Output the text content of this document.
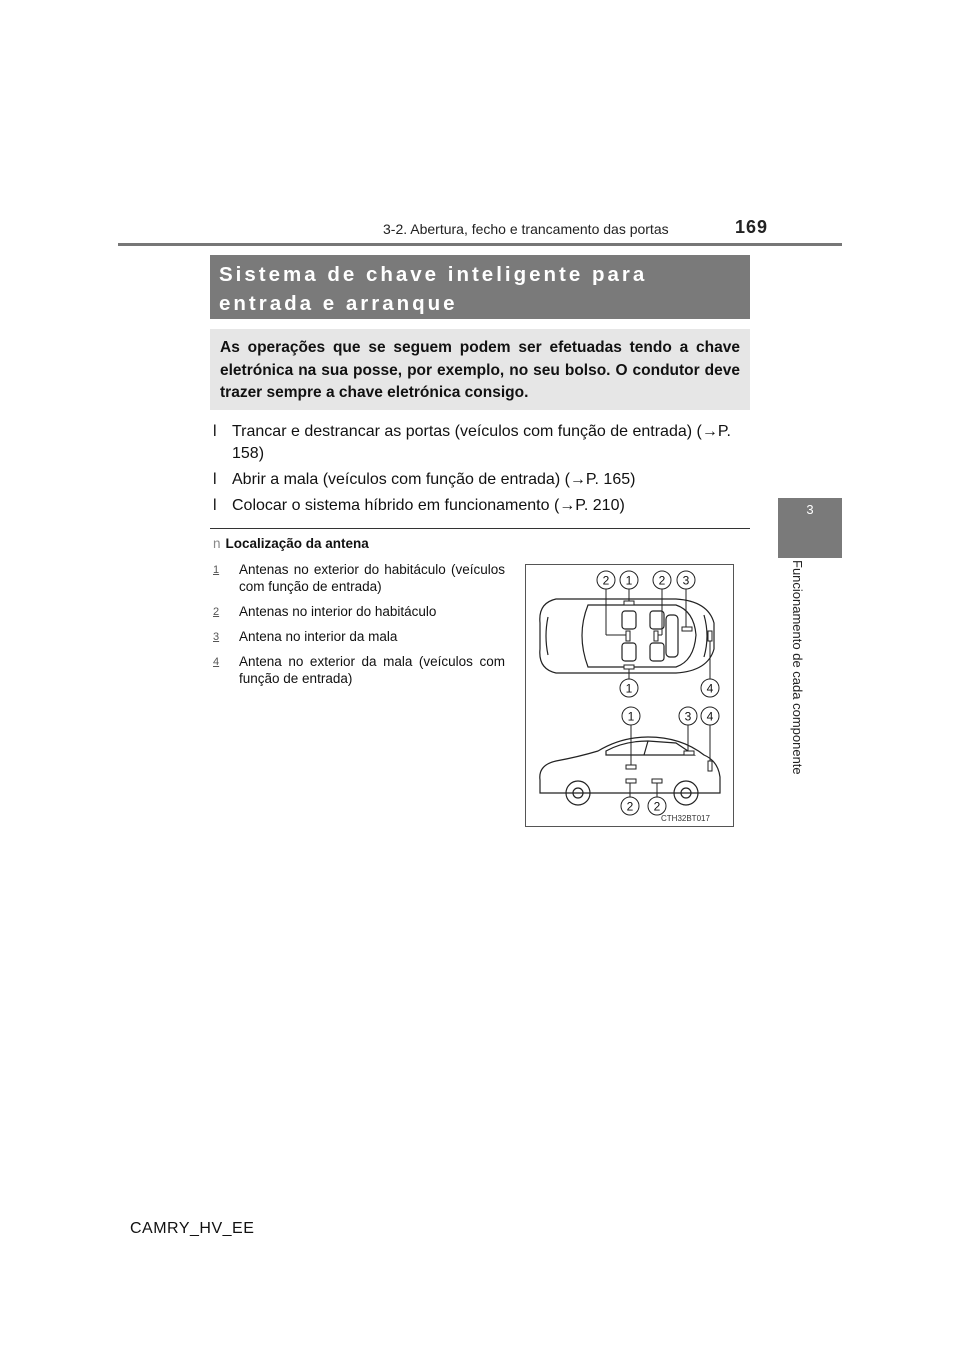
3-2. Abertura, fecho e trancamento das portas	169
3
Funcionamento de cada componente
Sistema de chave inteligente para entrada e arranque
As operações que se seguem podem ser efetuadas tendo a chave eletrónica na sua posse, por exemplo, no seu bolso. O condutor deve trazer sempre a chave eletrónica consigo.
l Trancar e destrancar as portas (veículos com função de entrada) (→P. 158)
l Abrir a mala (veículos com função de entrada) (→P. 165)
l Colocar o sistema híbrido em funcionamento (→P. 210)
n Localização da antena
1 Antenas no exterior do habitáculo (veículos com função de entrada)
2 Antenas no interior do habitáculo
3 Antena no interior da mala
4 Antena no exterior da mala (veículos com função de entrada)
2 1 2 3
1	4
1	3 4
2 2
CTH32BT017
CAMRY_HV_EE
